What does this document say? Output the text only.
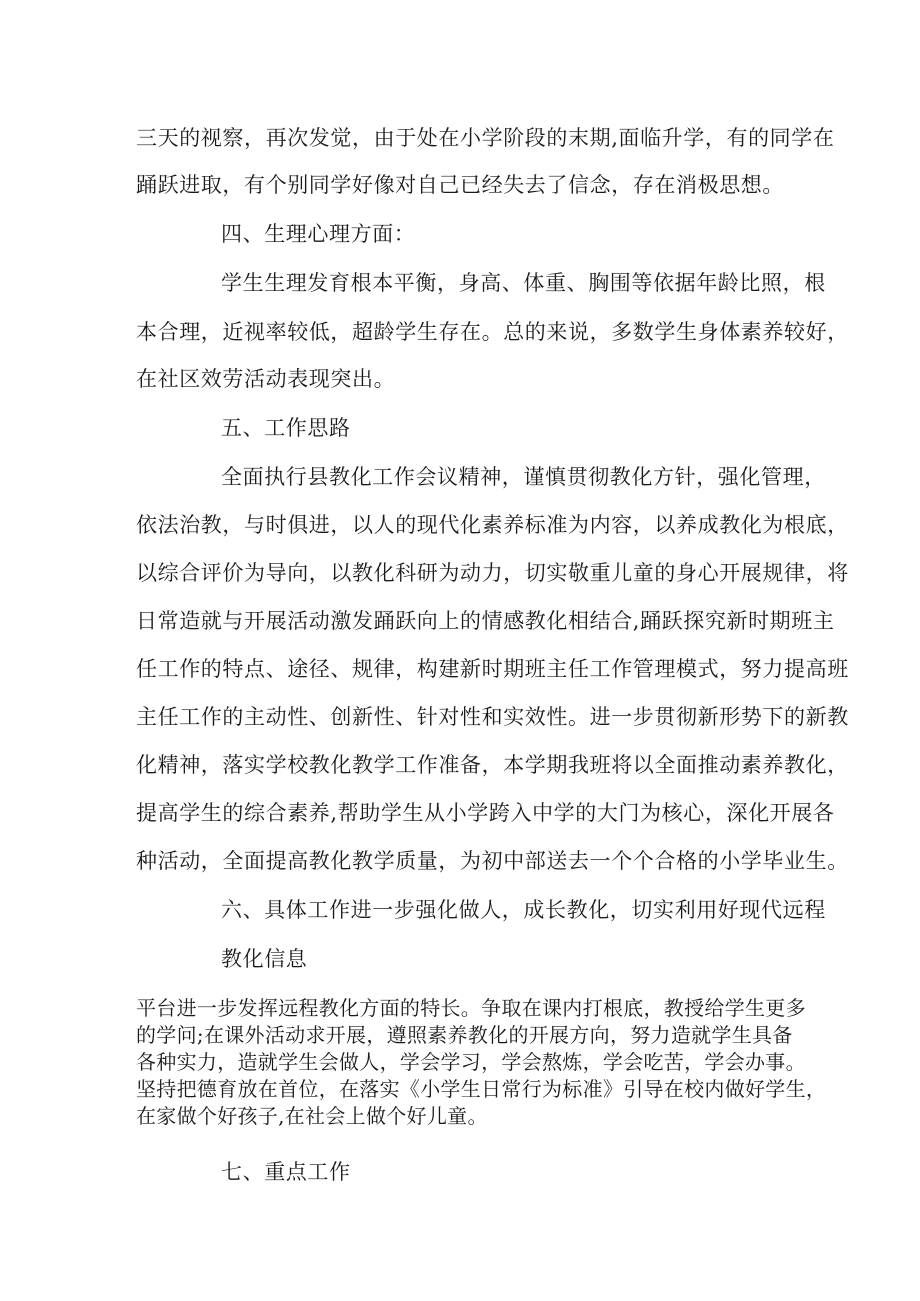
三天的视察，再次发觉，由于处在小学阶段的末期,面临升学，有的同学在
踊跃进取，有个别同学好像对自己已经失去了信念，存在消极思想。
四、生理心理方面：
学生生理发育根本平衡，身高、体重、胸围等依据年龄比照，根
本合理，近视率较低，超龄学生存在。总的来说，多数学生身体素养较好，
在社区效劳活动表现突出。
五、工作思路
全面执行县教化工作会议精神，谨慎贯彻教化方针，强化管理，
依法治教，与时俱进，以人的现代化素养标准为内容，以养成教化为根底，
以综合评价为导向，以教化科研为动力，切实敬重儿童的身心开展规律，将
日常造就与开展活动激发踊跃向上的情感教化相结合,踊跃探究新时期班主
任工作的特点、途径、规律，构建新时期班主任工作管理模式，努力提高班
主任工作的主动性、创新性、针对性和实效性。进一步贯彻新形势下的新教
化精神，落实学校教化教学工作准备，本学期我班将以全面推动素养教化，
提高学生的综合素养,帮助学生从小学跨入中学的大门为核心，深化开展各
种活动，全面提高教化教学质量，为初中部送去一个个合格的小学毕业生。
六、具体工作进一步强化做人，成长教化，切实利用好现代远程
教化信息
平台进一步发挥远程教化方面的特长。争取在课内打根底，教授给学生更多
的学问;在课外活动求开展，遵照素养教化的开展方向，努力造就学生具备
各种实力，造就学生会做人，学会学习，学会熬炼，学会吃苦，学会办事。
坚持把德育放在首位，在落实《小学生日常行为标准》引导在校内做好学生，
在家做个好孩子,在社会上做个好儿童。
七、重点工作
